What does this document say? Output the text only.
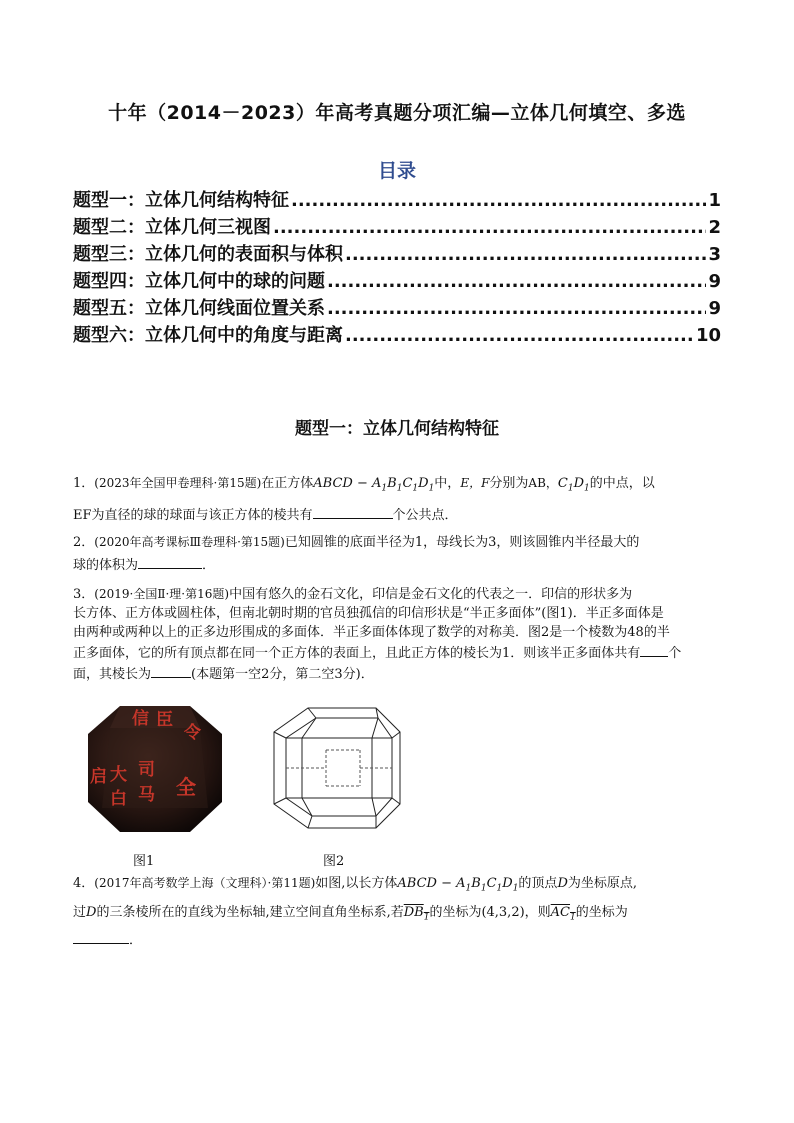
十年（2014－2023）年高考真题分项汇编—立体几何填空、多选
目录
题型一：立体几何结构特征 .....	1
题型二：立体几何三视图 .....	2
题型三：立体几何的表面积与体积 .....	3
题型四：立体几何中的球的问题 .....	9
题型五：立体几何线面位置关系 .....	9
题型六：立体几何中的角度与距离 .....	10
题型一：立体几何结构特征
1．(2023年全国甲卷理科·第15题)在正方体ABCD − $A_1B_1C_1D_1$中，E，F分别为AB，$C_1D_1$的中点，以
EF为直径的球的球面与该正方体的棱共有	个公共点．
2．(2020年高考课标Ⅲ卷理科·第15题)已知圆锥的底面半径为1，母线长为3，则该圆锥内半径最大的
球的体积为	．
3．(2019·全国Ⅱ·理·第16题)中国有悠久的金石文化，印信是金石文化的代表之一．印信的形状多为
长方体、正方体或圆柱体，但南北朝时期的官员独孤信的印信形状是“半正多面体”(图1)．半正多面体是
由两种或两种以上的正多边形围成的多面体．半正多面体体现了数学的对称美．图2是一个棱数为48的半
正多面体，它的所有顶点都在同一个正方体的表面上，且此正方体的棱长为1．则该半正多面体共有 个
面，其棱长为	(本题第一空2分，第二空3分)．
信 臣
令
大 司
马
白
启	全
图1	图2
4．(2017年高考数学上海（文理科）·第11题)如图,以长方体ABCD − $A_1B_1C_1D_1$的顶点D为坐标原点,
过D的三条棱所在的直线为坐标轴,建立空间直角坐标系,若$DB_1$的坐标为(4,3,2)，则$AC_1$的坐标为
．
